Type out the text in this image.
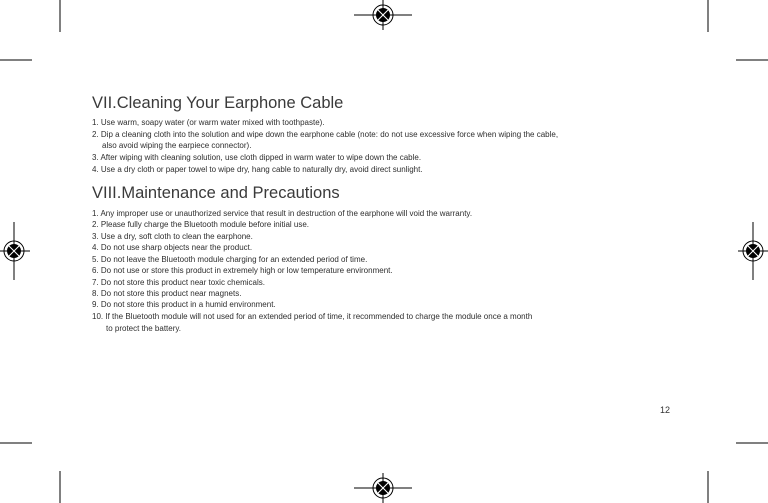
VII.Cleaning Your Earphone Cable
1. Use warm, soapy water (or warm water mixed with toothpaste).
2. Dip a cleaning cloth into the solution and wipe down the earphone cable (note: do not use excessive force when wiping the cable,
also avoid wiping the earpiece connector).
3. After wiping with cleaning solution, use cloth dipped in warm water to wipe down the cable.
4. Use a dry cloth or paper towel to wipe dry, hang cable to naturally dry, avoid direct sunlight.
VIII.Maintenance and Precautions
1. Any improper use or unauthorized service that result in destruction of the earphone will void the warranty.
2. Please fully charge the Bluetooth module before initial use.
3. Use a dry, soft cloth to clean the earphone.
4. Do not use sharp objects near the product.
5. Do not leave the Bluetooth module charging for an extended period of time.
6. Do not use or store this product in extremely high or low temperature environment.
7. Do not store this product near toxic chemicals.
8. Do not store this product near magnets.
9. Do not store this product in a humid environment.
10. If the Bluetooth module will not used for an extended period of time, it recommended to charge the module once a month
to protect the battery.
12
